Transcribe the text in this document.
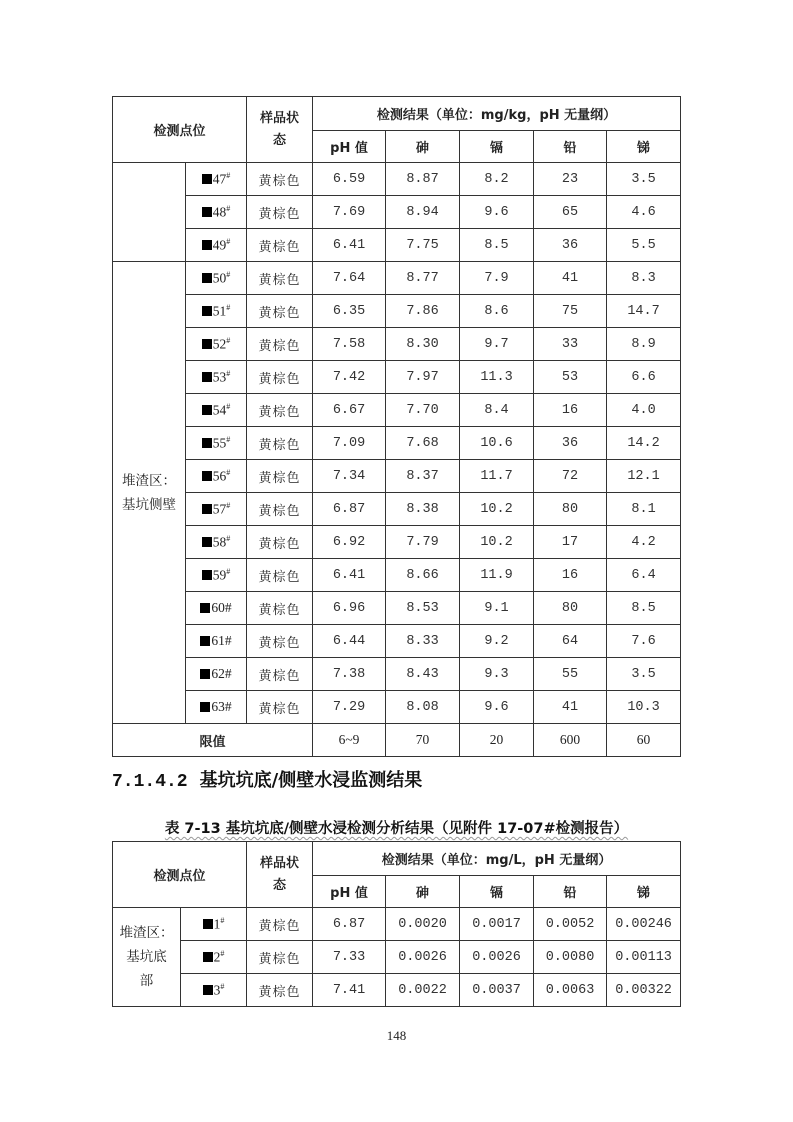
检测点位		样品状态	检测结果（单位：mg/kg，pH 无量纲）				
			pH 值	砷	镉	铅	锑
	47#	黄棕色	6.59	8.87	8.2	23	3.5
	48#	黄棕色	7.69	8.94	9.6	65	4.6
	49#	黄棕色	6.41	7.75	8.5	36	5.5

堆渣区：
基坑侧壁	50#	黄棕色	7.64	8.77	7.9	41	8.3
	51#	黄棕色	6.35	7.86	8.6	75	14.7
	52#	黄棕色	7.58	8.30	9.7	33	8.9
	53#	黄棕色	7.42	7.97	11.3	53	6.6
	54#	黄棕色	6.67	7.70	8.4	16	4.0
	55#	黄棕色	7.09	7.68	10.6	36	14.2
	56#	黄棕色	7.34	8.37	11.7	72	12.1
	57#	黄棕色	6.87	8.38	10.2	80	8.1
	58#	黄棕色	6.92	7.79	10.2	17	4.2
	59#	黄棕色	6.41	8.66	11.9	16	6.4
	60#	黄棕色	6.96	8.53	9.1	80	8.5
	61#	黄棕色	6.44	8.33	9.2	64	7.6
	62#	黄棕色	7.38	8.43	9.3	55	3.5
	63#	黄棕色	7.29	8.08	9.6	41	10.3
限值			6~9	70	20	600	60
7.1.4.2 基坑坑底/侧壁水浸监测结果
表 7-13 基坑坑底/侧壁水浸检测分析结果（见附件 17-07#检测报告）
检测点位		样品状态	检测结果（单位：mg/L，pH 无量纲）				
			pH 值	砷	镉	铅	锑

堆渣区：
基坑底
部	1#	黄棕色	6.87	0.0020	0.0017	0.0052	0.00246
	2#	黄棕色	7.33	0.0026	0.0026	0.0080	0.00113
	3#	黄棕色	7.41	0.0022	0.0037	0.0063	0.00322
148
